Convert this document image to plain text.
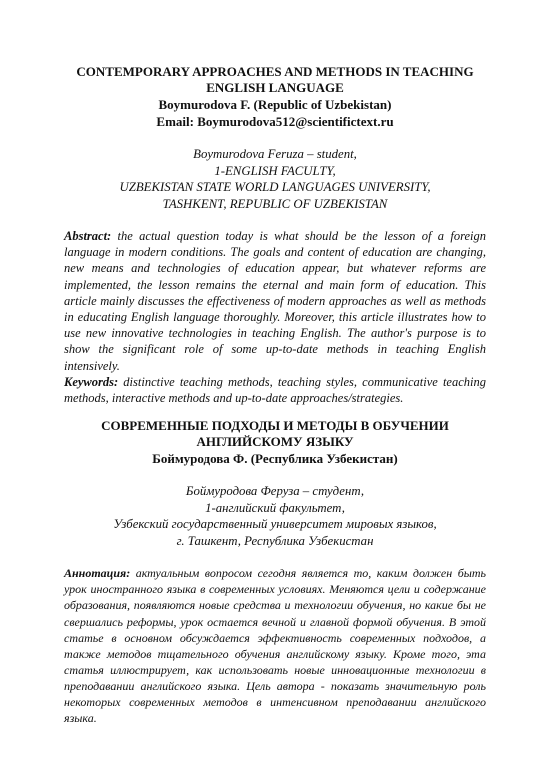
CONTEMPORARY APPROACHES AND METHODS IN TEACHING ENGLISH LANGUAGE
Boymurodova F. (Republic of Uzbekistan)
Email: Boymurodova512@scientifictext.ru
Boymurodova Feruza – student,
1-ENGLISH FACULTY,
UZBEKISTAN STATE WORLD LANGUAGES UNIVERSITY,
TASHKENT, REPUBLIC OF UZBEKISTAN
Abstract: the actual question today is what should be the lesson of a foreign language in modern conditions. The goals and content of education are changing, new means and technologies of education appear, but whatever reforms are implemented, the lesson remains the eternal and main form of education. This article mainly discusses the effectiveness of modern approaches as well as methods in educating English language thoroughly. Moreover, this article illustrates how to use new innovative technologies in teaching English. The author's purpose is to show the significant role of some up-to-date methods in teaching English intensively.
Keywords: distinctive teaching methods, teaching styles, communicative teaching methods, interactive methods and up-to-date approaches/strategies.
СОВРЕМЕННЫЕ ПОДХОДЫ И МЕТОДЫ В ОБУЧЕНИИ АНГЛИЙСКОМУ ЯЗЫКУ
Боймуродова Ф. (Республика Узбекистан)
Боймуродова Феруза – студент,
1-английский факультет,
Узбекский государственный университет мировых языков,
г. Ташкент, Республика Узбекистан
Аннотация: актуальным вопросом сегодня является то, каким должен быть урок иностранного языка в современных условиях. Меняются цели и содержание образования, появляются новые средства и технологии обучения, но какие бы не свершались реформы, урок остается вечной и главной формой обучения. В этой статье в основном обсуждается эффективность современных подходов, а также методов тщательного обучения английскому языку. Кроме того, эта статья иллюстрирует, как использовать новые инновационные технологии в преподавании английского языка. Цель автора - показать значительную роль некоторых современных методов в интенсивном преподавании английского языка.
